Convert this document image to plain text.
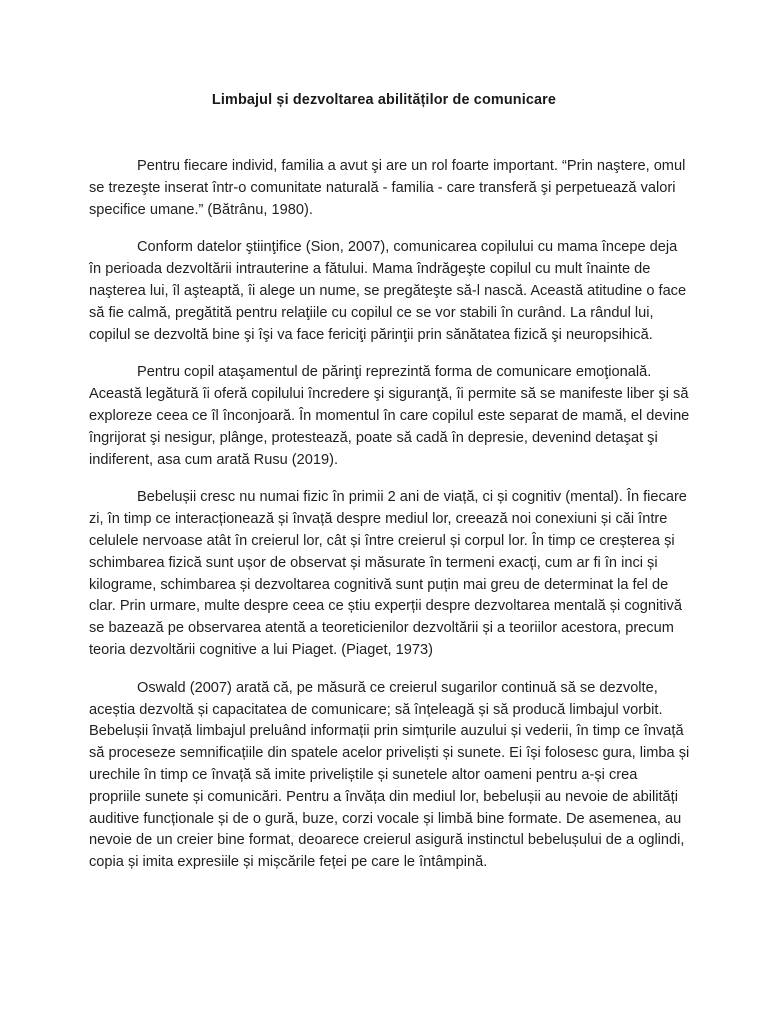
Limbajul și dezvoltarea abilităților de comunicare

Pentru fiecare individ, familia a avut şi are un rol foarte important. “Prin naştere, omul se trezeşte inserat într-o comunitate naturală - familia - care transferă şi perpetuează valori specifice umane.” (Bătrânu, 1980).

Conform datelor ştiinţifice (Sion, 2007), comunicarea copilului cu mama începe deja în perioada dezvoltării intrauterine a fătului. Mama îndrăgeşte copilul cu mult înainte de naşterea lui, îl aşteaptă, îi alege un nume, se pregăteşte să-l nască. Această atitudine o face să fie calmă, pregătită pentru relaţiile cu copilul ce se vor stabili în curând. La rândul lui, copilul se dezvoltă bine şi îşi va face fericiţi părinţii prin sănătatea fizică şi neuropsihică.

Pentru copil ataşamentul de părinţi reprezintă forma de comunicare emoţională. Această legătură îi oferă copilului încredere şi siguranţă, îi permite să se manifeste liber şi să exploreze ceea ce îl înconjoară. În momentul în care copilul este separat de mamă, el devine îngrijorat şi nesigur, plânge, protestează, poate să cadă în depresie, devenind detaşat şi indiferent, asa cum arată Rusu (2019).

Bebelușii cresc nu numai fizic în primii 2 ani de viață, ci și cognitiv (mental). În fiecare zi, în timp ce interacționează și învață despre mediul lor, creează noi conexiuni și căi între celulele nervoase atât în creierul lor, cât și între creierul și corpul lor. În timp ce creșterea și schimbarea fizică sunt ușor de observat și măsurate în termeni exacți, cum ar fi în inci și kilograme, schimbarea și dezvoltarea cognitivă sunt puțin mai greu de determinat la fel de clar. Prin urmare, multe despre ceea ce știu experții despre dezvoltarea mentală și cognitivă se bazează pe observarea atentă a teoreticienilor dezvoltării și a teoriilor acestora, precum teoria dezvoltării cognitive a lui Piaget. (Piaget, 1973)

Oswald (2007) arată că, pe măsură ce creierul sugarilor continuă să se dezvolte, aceștia dezvoltă și capacitatea de comunicare; să înțeleagă și să producă limbajul vorbit. Bebelușii învață limbajul preluând informații prin simțurile auzului și vederii, în timp ce învață să proceseze semnificațiile din spatele acelor priveliști și sunete. Ei își folosesc gura, limba și urechile în timp ce învață să imite priveliștile și sunetele altor oameni pentru a-și crea propriile sunete și comunicări. Pentru a învăța din mediul lor, bebelușii au nevoie de abilități auditive funcționale și de o gură, buze, corzi vocale și limbă bine formate. De asemenea, au nevoie de un creier bine format, deoarece creierul asigură instinctul bebelușului de a oglindi, copia și imita expresiile și mișcările feței pe care le întâmpină.
